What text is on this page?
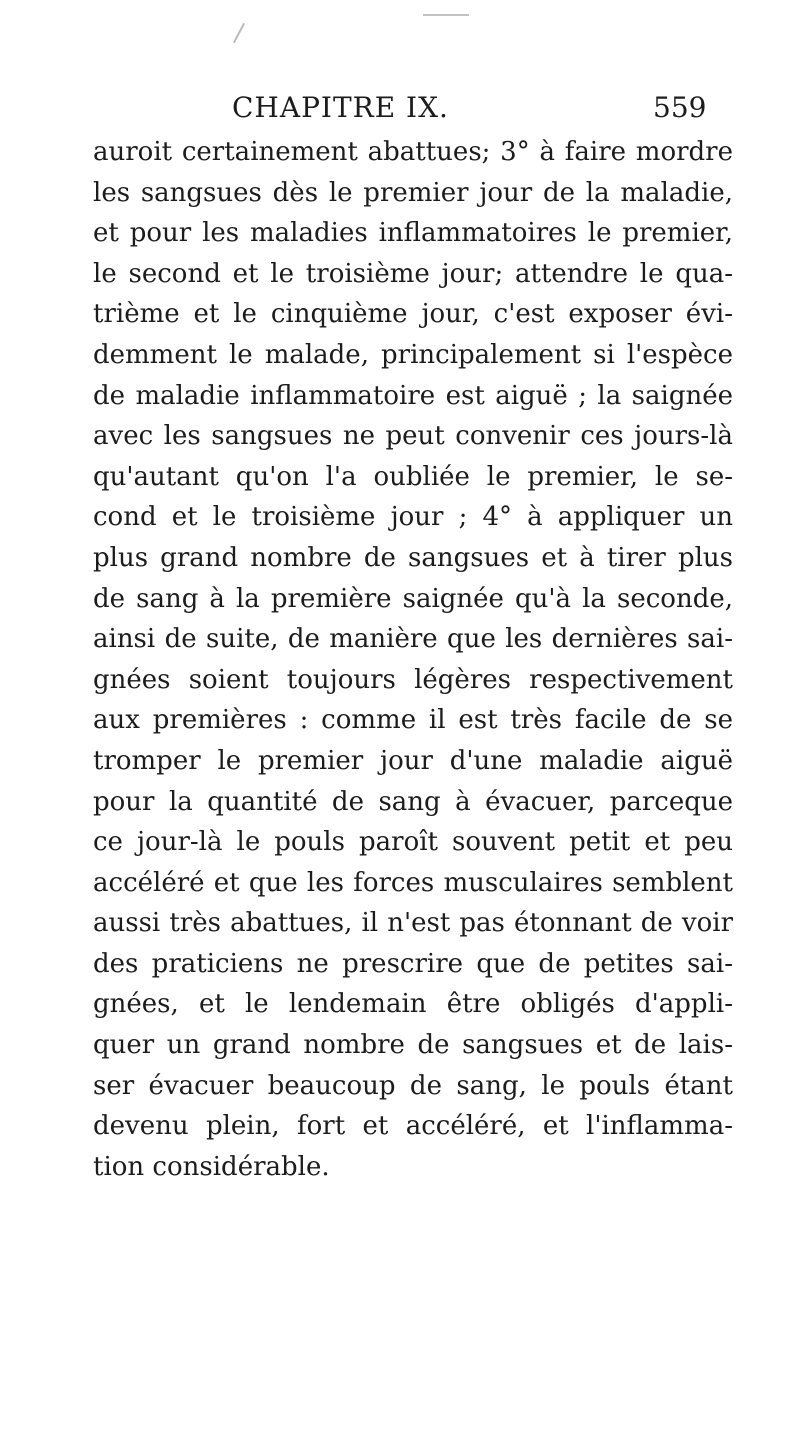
CHAPITRE IX.	559
auroit certainement abattues; 3° à faire mordre
les sangsues dès le premier jour de la maladie,
et pour les maladies inflammatoires le premier,
le second et le troisième jour; attendre le qua-
trième et le cinquième jour, c'est exposer évi-
demment le malade, principalement si l'espèce
de maladie inflammatoire est aiguë ; la saignée
avec les sangsues ne peut convenir ces jours-là
qu'autant qu'on l'a oubliée le premier, le se-
cond et le troisième jour ; 4° à appliquer un
plus grand nombre de sangsues et à tirer plus
de sang à la première saignée qu'à la seconde,
ainsi de suite, de manière que les dernières sai-
gnées soient toujours légères respectivement
aux premières : comme il est très facile de se
tromper le premier jour d'une maladie aiguë
pour la quantité de sang à évacuer, parceque
ce jour-là le pouls paroît souvent petit et peu
accéléré et que les forces musculaires semblent
aussi très abattues, il n'est pas étonnant de voir
des praticiens ne prescrire que de petites sai-
gnées, et le lendemain être obligés d'appli-
quer un grand nombre de sangsues et de lais-
ser évacuer beaucoup de sang, le pouls étant
devenu plein, fort et accéléré, et l'inflamma-
tion considérable.
